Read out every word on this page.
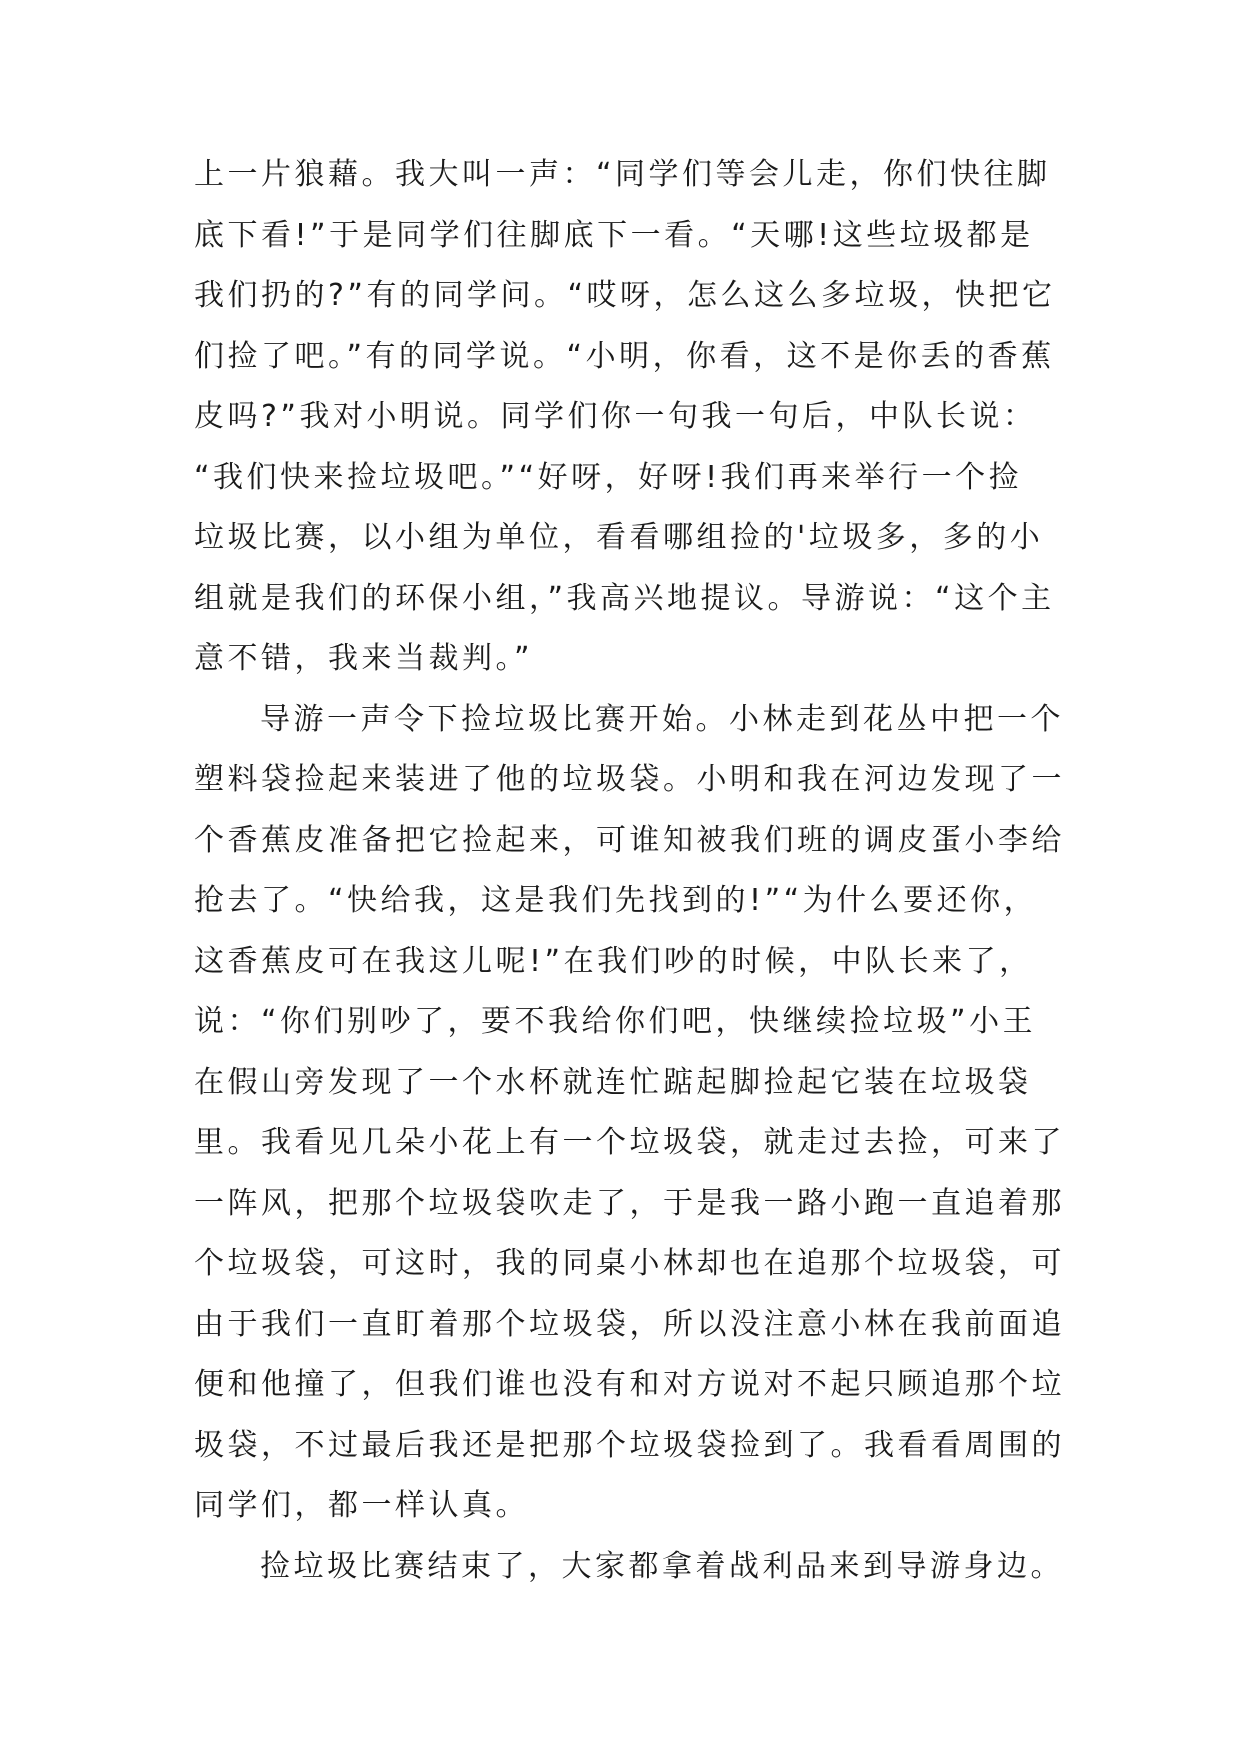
上一片狼藉。我大叫一声：“同学们等会儿走，你们快往脚
底下看!”于是同学们往脚底下一看。“天哪!这些垃圾都是
我们扔的?”有的同学问。“哎呀，怎么这么多垃圾，快把它
们捡了吧。”有的同学说。“小明，你看，这不是你丢的香蕉
皮吗?”我对小明说。同学们你一句我一句后，中队长说：
“我们快来捡垃圾吧。”“好呀，好呀!我们再来举行一个捡
垃圾比赛，以小组为单位，看看哪组捡的'垃圾多，多的小
组就是我们的环保小组，”我高兴地提议。导游说：“这个主
意不错，我来当裁判。”
导游一声令下捡垃圾比赛开始。小林走到花丛中把一个
塑料袋捡起来装进了他的垃圾袋。小明和我在河边发现了一
个香蕉皮准备把它捡起来，可谁知被我们班的调皮蛋小李给
抢去了。“快给我，这是我们先找到的!”“为什么要还你，
这香蕉皮可在我这儿呢!”在我们吵的时候，中队长来了，
说：“你们别吵了，要不我给你们吧，快继续捡垃圾”小王
在假山旁发现了一个水杯就连忙踮起脚捡起它装在垃圾袋
里。我看见几朵小花上有一个垃圾袋，就走过去捡，可来了
一阵风，把那个垃圾袋吹走了，于是我一路小跑一直追着那
个垃圾袋，可这时，我的同桌小林却也在追那个垃圾袋，可
由于我们一直盯着那个垃圾袋，所以没注意小林在我前面追
便和他撞了，但我们谁也没有和对方说对不起只顾追那个垃
圾袋，不过最后我还是把那个垃圾袋捡到了。我看看周围的
同学们，都一样认真。
捡垃圾比赛结束了，大家都拿着战利品来到导游身边。
